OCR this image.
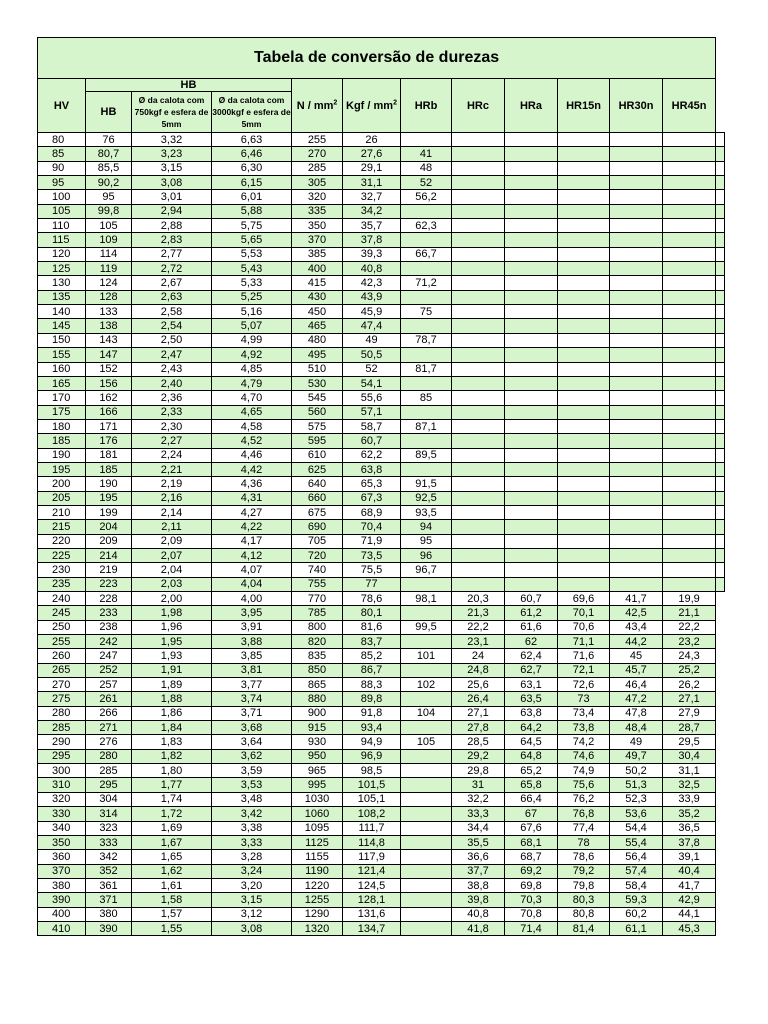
Tabela de conversão de durezas												
HV	HB			N / $mm^2$	Kgf / $mm^2$	HRb	HRc	HRa	HR15n	HR30n	HR45n	
	HB	Ø da calota com 750kgf e esfera de 5mm	Ø da calota com 3000kgf e esfera de 5mm									
80	76	3,32	6,63	255	26							
85	80,7	3,23	6,46	270	27,6	41						
90	85,5	3,15	6,30	285	29,1	48						
95	90,2	3,08	6,15	305	31,1	52						
100	95	3,01	6,01	320	32,7	56,2						
105	99,8	2,94	5,88	335	34,2							
110	105	2,88	5,75	350	35,7	62,3						
115	109	2,83	5,65	370	37,8							
120	114	2,77	5,53	385	39,3	66,7						
125	119	2,72	5,43	400	40,8							
130	124	2,67	5,33	415	42,3	71,2						
135	128	2,63	5,25	430	43,9							
140	133	2,58	5,16	450	45,9	75						
145	138	2,54	5,07	465	47,4							
150	143	2,50	4,99	480	49	78,7						
155	147	2,47	4,92	495	50,5							
160	152	2,43	4,85	510	52	81,7						
165	156	2,40	4,79	530	54,1							
170	162	2,36	4,70	545	55,6	85						
175	166	2,33	4,65	560	57,1							
180	171	2,30	4,58	575	58,7	87,1						
185	176	2,27	4,52	595	60,7							
190	181	2,24	4,46	610	62,2	89,5						
195	185	2,21	4,42	625	63,8							
200	190	2,19	4,36	640	65,3	91,5						
205	195	2,16	4,31	660	67,3	92,5						
210	199	2,14	4,27	675	68,9	93,5						
215	204	2,11	4,22	690	70,4	94						
220	209	2,09	4,17	705	71,9	95						
225	214	2,07	4,12	720	73,5	96						
230	219	2,04	4,07	740	75,5	96,7						
235	223	2,03	4,04	755	77							
240	228	2,00	4,00	770	78,6	98,1	20,3	60,7	69,6	41,7	19,9	
245	233	1,98	3,95	785	80,1		21,3	61,2	70,1	42,5	21,1	
250	238	1,96	3,91	800	81,6	99,5	22,2	61,6	70,6	43,4	22,2	
255	242	1,95	3,88	820	83,7		23,1	62	71,1	44,2	23,2	
260	247	1,93	3,85	835	85,2	101	24	62,4	71,6	45	24,3	
265	252	1,91	3,81	850	86,7		24,8	62,7	72,1	45,7	25,2	
270	257	1,89	3,77	865	88,3	102	25,6	63,1	72,6	46,4	26,2	
275	261	1,88	3,74	880	89,8		26,4	63,5	73	47,2	27,1	
280	266	1,86	3,71	900	91,8	104	27,1	63,8	73,4	47,8	27,9	
285	271	1,84	3,68	915	93,4		27,8	64,2	73,8	48,4	28,7	
290	276	1,83	3,64	930	94,9	105	28,5	64,5	74,2	49	29,5	
295	280	1,82	3,62	950	96,9		29,2	64,8	74,6	49,7	30,4	
300	285	1,80	3,59	965	98,5		29,8	65,2	74,9	50,2	31,1	
310	295	1,77	3,53	995	101,5		31	65,8	75,6	51,3	32,5	
320	304	1,74	3,48	1030	105,1		32,2	66,4	76,2	52,3	33,9	
330	314	1,72	3,42	1060	108,2		33,3	67	76,8	53,6	35,2	
340	323	1,69	3,38	1095	111,7		34,4	67,6	77,4	54,4	36,5	
350	333	1,67	3,33	1125	114,8		35,5	68,1	78	55,4	37,8	
360	342	1,65	3,28	1155	117,9		36,6	68,7	78,6	56,4	39,1	
370	352	1,62	3,24	1190	121,4		37,7	69,2	79,2	57,4	40,4	
380	361	1,61	3,20	1220	124,5		38,8	69,8	79,8	58,4	41,7	
390	371	1,58	3,15	1255	128,1		39,8	70,3	80,3	59,3	42,9	
400	380	1,57	3,12	1290	131,6		40,8	70,8	80,8	60,2	44,1	
410	390	1,55	3,08	1320	134,7		41,8	71,4	81,4	61,1	45,3	
